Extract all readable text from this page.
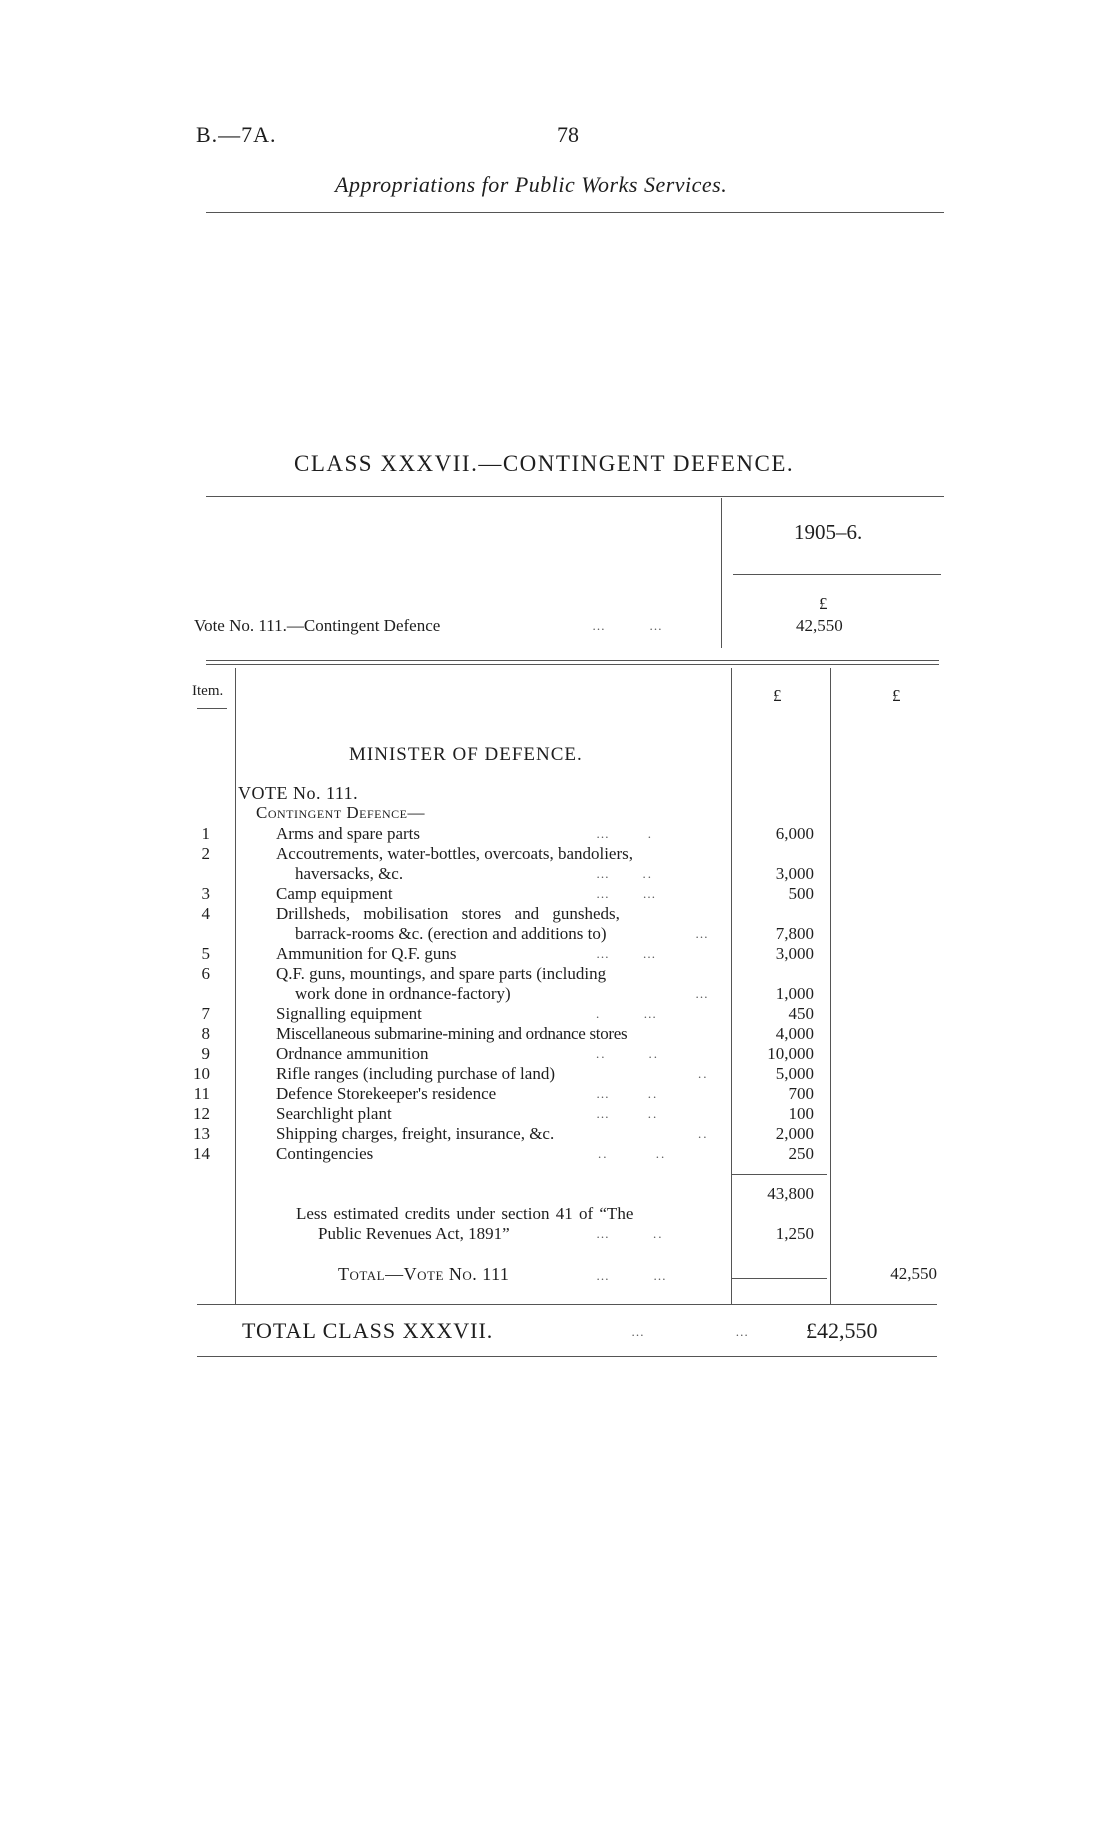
B.—7A.	78
Appropriations for Public Works Services.
CLASS XXXVII.—CONTINGENT DEFENCE.
1905–6.
£
Vote No. 111.—Contingent Defence	…        …	42,550
Item.	£	£
MINISTER OF DEFENCE.
VOTE No. 111.
Contingent Defence—
1	Arms and spare parts	…       .	6,000
2	Accoutrements, water-bottles, overcoats, bandoliers,
haversacks, &c.	…      ..	3,000
3	Camp equipment	…      …	500
4	Drillsheds, mobilisation stores and gunsheds,
barrack-rooms &c. (erection and additions to)	…	7,800
5	Ammunition for Q.F. guns	…      …	3,000
6	Q.F. guns, mountings, and spare parts (including
work done in ordnance-factory)	…	1,000
7	Signalling equipment	.        …	450
8	Miscellaneous submarine-mining and ordnance stores	4,000
9	Ordnance ammunition	..        ..	10,000
10	Rifle ranges (including purchase of land)	..	5,000
11	Defence Storekeeper's residence	…       ..	700
12	Searchlight plant	…       ..	100
13	Shipping charges, freight, insurance, &c.	..	2,000
14	Contingencies	..         ..	250
43,800
Less estimated credits under section 41 of “The
Public Revenues Act, 1891”	…        ..	1,250
Total—Vote No. 111	…        …	42,550
TOTAL CLASS XXXVII.	…                 …	£42,550
